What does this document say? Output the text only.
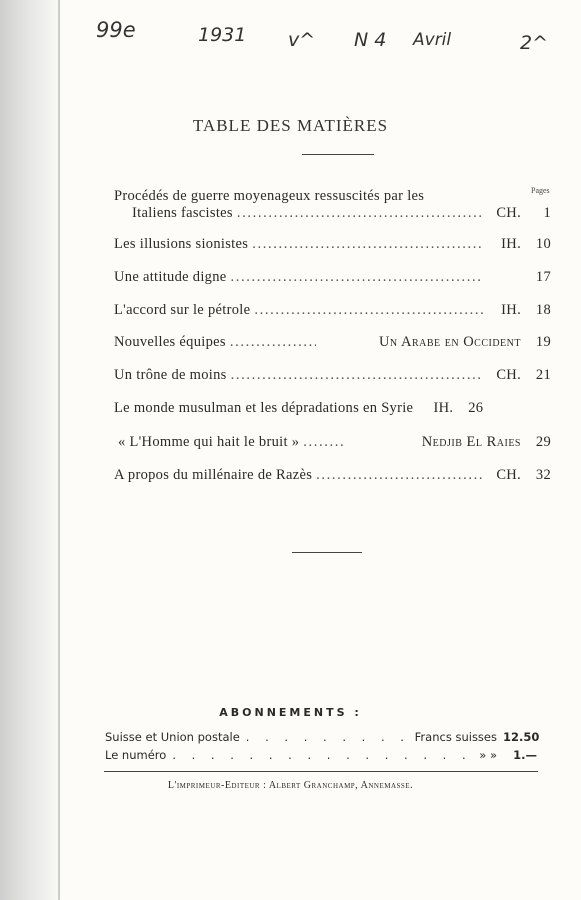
99e	1931 v^ N 4 Avril	2^
TABLE DES MATIÈRES
Pages
Procédés de guerre moyenageux ressuscités par les
Italiens fascistes . . .	CH.	1
Les illusions sionistes . . .	IH.	10
Une attitude digne . . .	17
L'accord sur le pétrole . . .	IH.	18
Nouvelles équipes . . .	Un Arabe en Occident	19
Un trône de moins . . .	CH.	21
Le monde musulman et les dépradations en Syrie	IH.	26
« L'Homme qui hait le bruit » . . .	Nedjib El Raies	29
A propos du millénaire de Razès . . .	CH.	32
ABONNEMENTS :
Suisse et Union postale . . .	Francs suisses 12.50
Le numéro . . .	» »	1.—
L'imprimeur-Editeur : Albert Granchamp, Annemasse.
